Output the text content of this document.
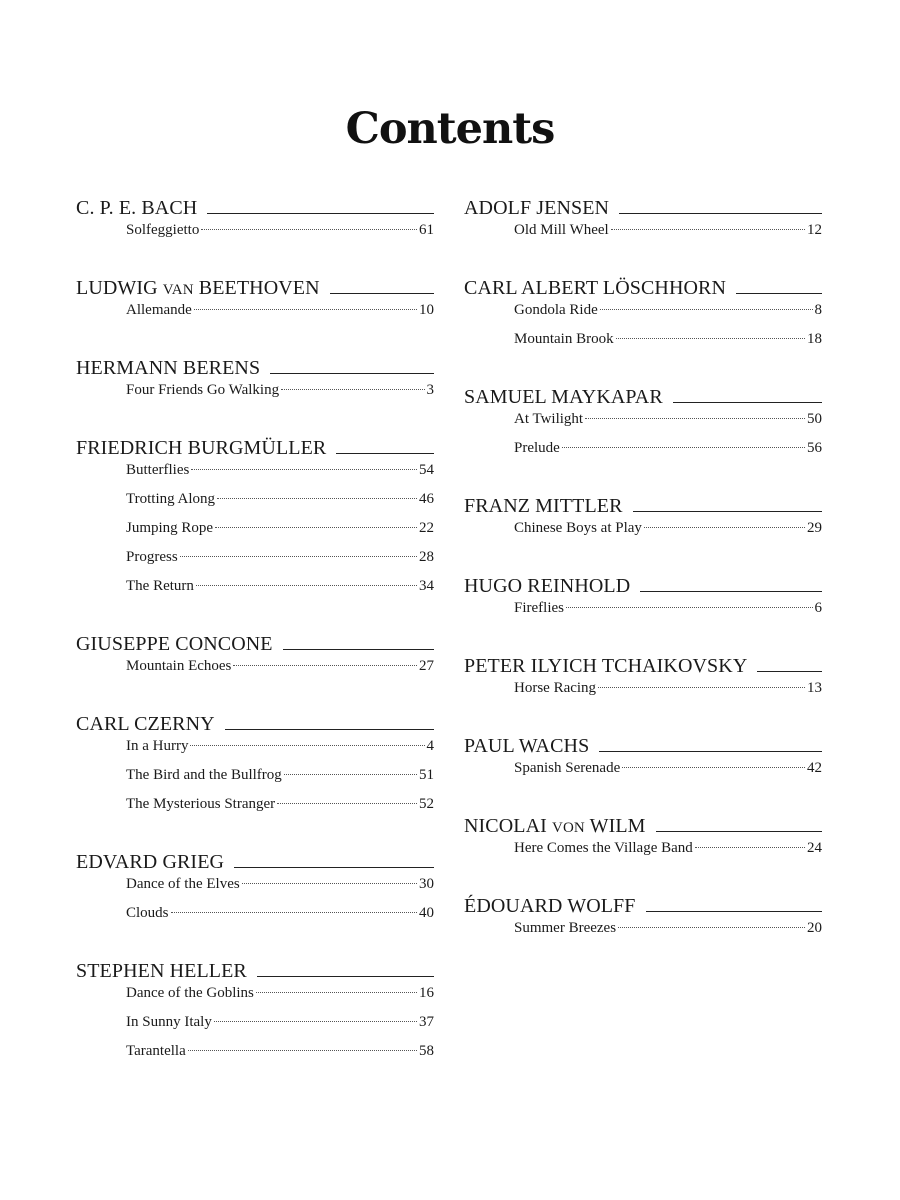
Contents
C. P. E. BACH
Solfeggietto	61
LUDWIG VAN BEETHOVEN
Allemande	10
HERMANN BERENS
Four Friends Go Walking	3
FRIEDRICH BURGMÜLLER
Butterflies	54
Trotting Along	46
Jumping Rope	22
Progress	28
The Return	34
GIUSEPPE CONCONE
Mountain Echoes	27
CARL CZERNY
In a Hurry	4
The Bird and the Bullfrog	51
The Mysterious Stranger	52
EDVARD GRIEG
Dance of the Elves	30
Clouds	40
STEPHEN HELLER
Dance of the Goblins	16
In Sunny Italy	37
Tarantella	58
ADOLF JENSEN
Old Mill Wheel	12
CARL ALBERT LÖSCHHORN
Gondola Ride	8
Mountain Brook	18
SAMUEL MAYKAPAR
At Twilight	50
Prelude	56
FRANZ MITTLER
Chinese Boys at Play	29
HUGO REINHOLD
Fireflies	6
PETER ILYICH TCHAIKOVSKY
Horse Racing	13
PAUL WACHS
Spanish Serenade	42
NICOLAI VON WILM
Here Comes the Village Band	24
ÉDOUARD WOLFF
Summer Breezes	20
